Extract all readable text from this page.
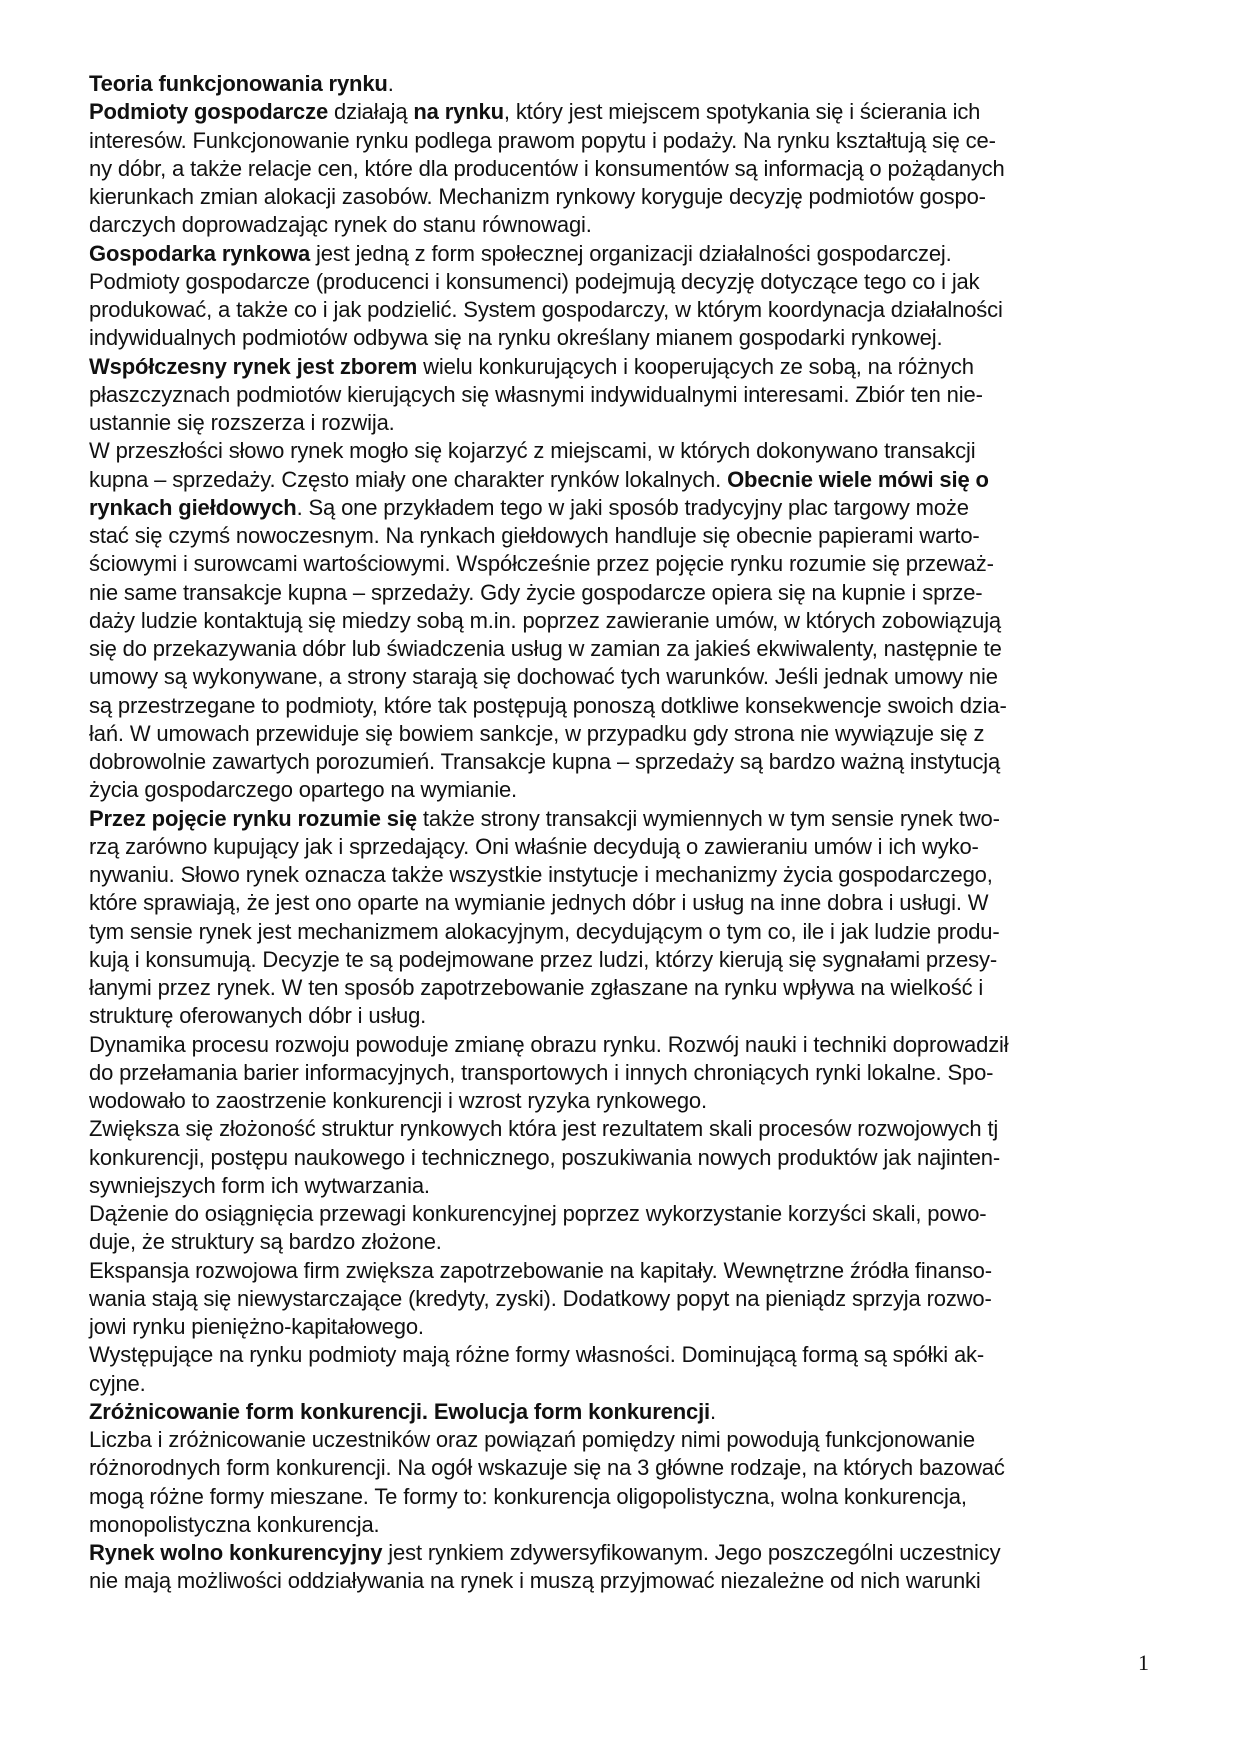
Teoria funkcjonowania rynku.
Podmioty gospodarcze działają na rynku, który jest miejscem spotykania się i ścierania ich
interesów. Funkcjonowanie rynku podlega prawom popytu i podaży. Na rynku kształtują się ce-
ny dóbr, a także relacje cen, które dla producentów i konsumentów są informacją o pożądanych
kierunkach zmian alokacji zasobów. Mechanizm rynkowy koryguje decyzję podmiotów gospo-
darczych doprowadzając rynek do stanu równowagi.
Gospodarka rynkowa jest jedną z form społecznej organizacji działalności gospodarczej.
Podmioty gospodarcze (producenci i konsumenci) podejmują decyzję dotyczące tego co i jak
produkować, a także co i jak podzielić. System gospodarczy, w którym koordynacja działalności
indywidualnych podmiotów odbywa się na rynku określany mianem gospodarki rynkowej.
Współczesny rynek jest zborem wielu konkurujących i kooperujących ze sobą, na różnych
płaszczyznach podmiotów kierujących się własnymi indywidualnymi interesami. Zbiór ten nie-
ustannie się rozszerza i rozwija.
W przeszłości słowo rynek mogło się kojarzyć z miejscami, w których dokonywano transakcji
kupna – sprzedaży. Często miały one charakter rynków lokalnych. Obecnie wiele mówi się o
rynkach giełdowych. Są one przykładem tego w jaki sposób tradycyjny plac targowy może
stać się czymś nowoczesnym. Na rynkach giełdowych handluje się obecnie papierami warto-
ściowymi i surowcami wartościowymi. Współcześnie przez pojęcie rynku rozumie się przeważ-
nie same transakcje kupna – sprzedaży. Gdy życie gospodarcze opiera się na kupnie i sprze-
daży ludzie kontaktują się miedzy sobą m.in. poprzez zawieranie umów, w których zobowiązują
się do przekazywania dóbr lub świadczenia usług w zamian za jakieś ekwiwalenty, następnie te
umowy są wykonywane, a strony starają się dochować tych warunków. Jeśli jednak umowy nie
są przestrzegane to podmioty, które tak postępują ponoszą dotkliwe konsekwencje swoich dzia-
łań. W umowach przewiduje się bowiem sankcje, w przypadku gdy strona nie wywiązuje się z
dobrowolnie zawartych porozumień. Transakcje kupna – sprzedaży są bardzo ważną instytucją
życia gospodarczego opartego na wymianie.
Przez pojęcie rynku rozumie się także strony transakcji wymiennych w tym sensie rynek two-
rzą zarówno kupujący jak i sprzedający. Oni właśnie decydują o zawieraniu umów i ich wyko-
nywaniu. Słowo rynek oznacza także wszystkie instytucje i mechanizmy życia gospodarczego,
które sprawiają, że jest ono oparte na wymianie jednych dóbr i usług na inne dobra i usługi. W
tym sensie rynek jest mechanizmem alokacyjnym, decydującym o tym co, ile i jak ludzie produ-
kują i konsumują. Decyzje te są podejmowane przez ludzi, którzy kierują się sygnałami przesy-
łanymi przez rynek. W ten sposób zapotrzebowanie zgłaszane na rynku wpływa na wielkość i
strukturę oferowanych dóbr i usług.
Dynamika procesu rozwoju powoduje zmianę obrazu rynku. Rozwój nauki i techniki doprowadził
do przełamania barier informacyjnych, transportowych i innych chroniących rynki lokalne. Spo-
wodowało to zaostrzenie konkurencji i wzrost ryzyka rynkowego.
Zwiększa się złożoność struktur rynkowych która jest rezultatem skali procesów rozwojowych tj
konkurencji, postępu naukowego i technicznego, poszukiwania nowych produktów jak najinten-
sywniejszych form ich wytwarzania.
Dążenie do osiągnięcia przewagi konkurencyjnej poprzez wykorzystanie korzyści skali, powo-
duje, że struktury są bardzo złożone.
Ekspansja rozwojowa firm zwiększa zapotrzebowanie na kapitały. Wewnętrzne źródła finanso-
wania stają się niewystarczające (kredyty, zyski). Dodatkowy popyt na pieniądz sprzyja rozwo-
jowi rynku pieniężno-kapitałowego.
Występujące na rynku podmioty mają różne formy własności. Dominującą formą są spółki ak-
cyjne.
Zróżnicowanie form konkurencji. Ewolucja form konkurencji.
Liczba i zróżnicowanie uczestników oraz powiązań pomiędzy nimi powodują funkcjonowanie
różnorodnych form konkurencji. Na ogół wskazuje się na 3 główne rodzaje, na których bazować
mogą różne formy mieszane. Te formy to: konkurencja oligopolistyczna, wolna konkurencja,
monopolistyczna konkurencja.
Rynek wolno konkurencyjny jest rynkiem zdywersyfikowanym. Jego poszczególni uczestnicy
nie mają możliwości oddziaływania na rynek i muszą przyjmować niezależne od nich warunki
1
